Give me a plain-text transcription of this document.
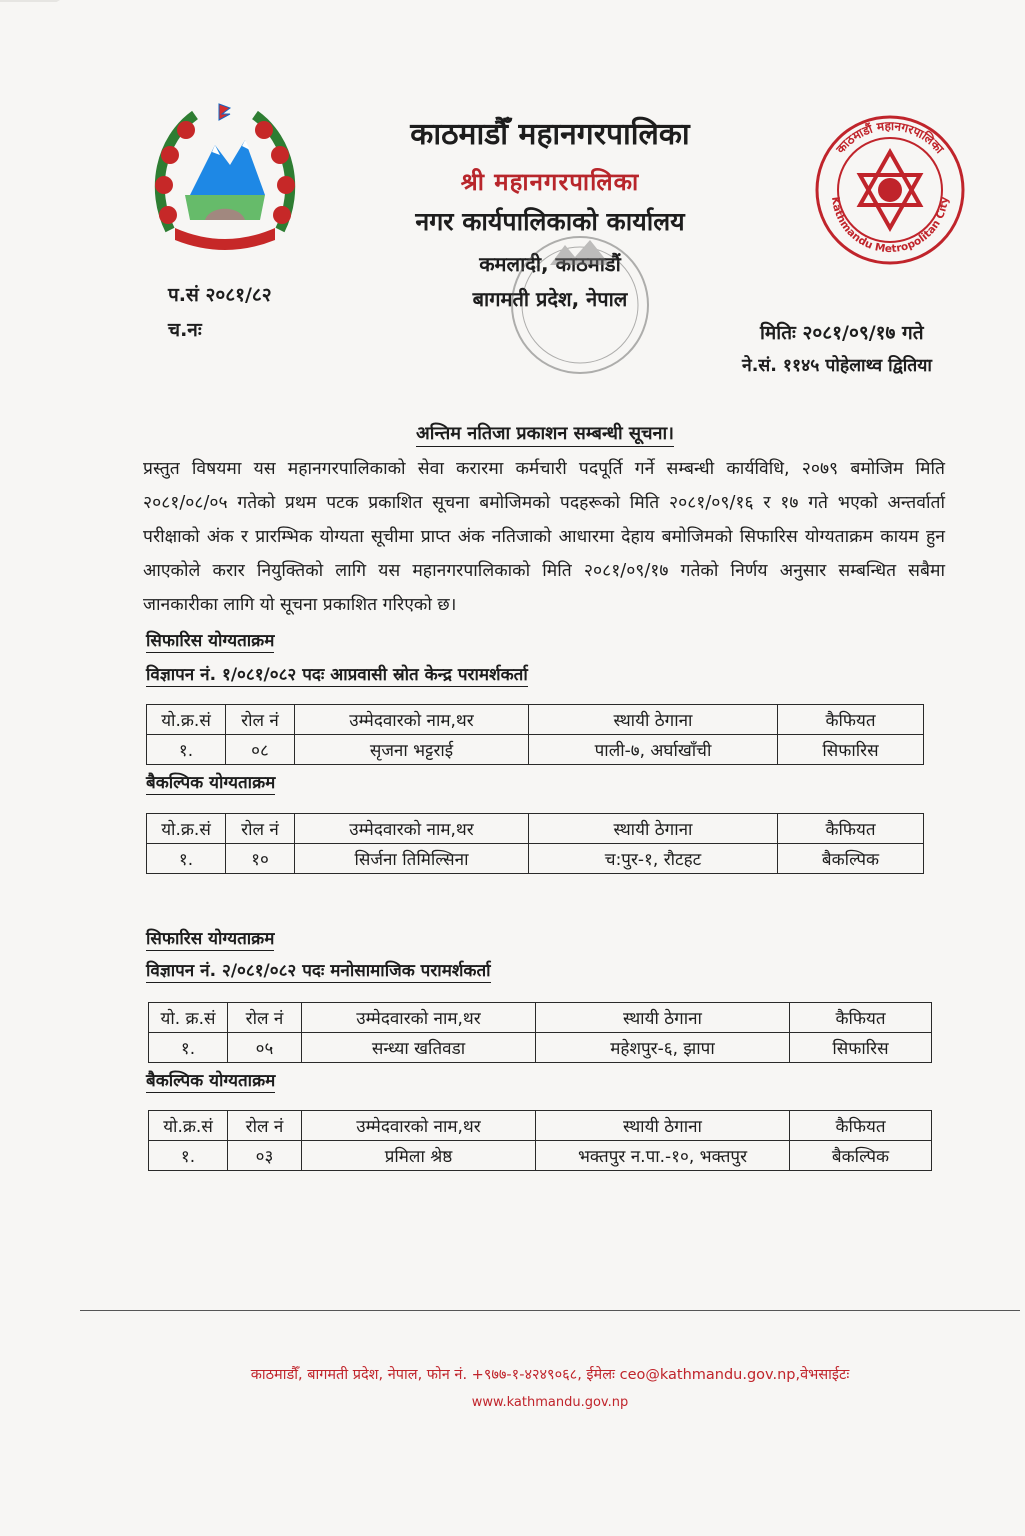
काठमाडौँ महानगरपालिका
श्री महानगरपालिका
नगर कार्यपालिकाको कार्यालय
कमलादी, काठमाडौं
बागमती प्रदेश, नेपाल
काठमाडौं महानगरपालिका
Kathmandu Metropolitan City
प.सं २०८१/८२
च.नः	मितिः २०८१/०९/१७ गते
ने.सं. ११४५ पोहेलाथ्व द्वितिया
अन्तिम नतिजा प्रकाशन सम्बन्धी सूचना।
प्रस्तुत विषयमा यस महानगरपालिकाको सेवा करारमा कर्मचारी पदपूर्ति गर्ने सम्बन्धी कार्यविधि, २०७९ बमोजिम मिति २०८१/०८/०५ गतेको प्रथम पटक प्रकाशित सूचना बमोजिमको पदहरूको मिति २०८१/०९/१६ र १७ गते भएको अन्तर्वार्ता परीक्षाको अंक र प्रारम्भिक योग्यता सूचीमा प्राप्त अंक नतिजाको आधारमा देहाय बमोजिमको सिफारिस योग्यताक्रम कायम हुन आएकोले करार नियुक्तिको लागि यस महानगरपालिकाको मिति २०८१/०९/१७ गतेको निर्णय अनुसार सम्बन्धित सबैमा जानकारीका लागि यो सूचना प्रकाशित गरिएको छ।
सिफारिस योग्यताक्रम
विज्ञापन नं. १/०८१/०८२ पदः आप्रवासी स्रोत केन्द्र परामर्शकर्ता
यो.क्र.सं	रोल नं	उम्मेदवारको नाम,थर	स्थायी ठेगाना	कैफियत
१.	०८	सृजना भट्टराई	पाली-७, अर्घाखाँची	सिफारिस
बैकल्पिक योग्यताक्रम
यो.क्र.सं	रोल नं	उम्मेदवारको नाम,थर	स्थायी ठेगाना	कैफियत
१.	१०	सिर्जना तिमिल्सिना	च:पुर-१, रौटहट	बैकल्पिक
सिफारिस योग्यताक्रम
विज्ञापन नं. २/०८१/०८२ पदः मनोसामाजिक परामर्शकर्ता
यो. क्र.सं	रोल नं	उम्मेदवारको नाम,थर	स्थायी ठेगाना	कैफियत
१.	०५	सन्ध्या खतिवडा	महेशपुर-६, झापा	सिफारिस
बैकल्पिक योग्यताक्रम
यो.क्र.सं	रोल नं	उम्मेदवारको नाम,थर	स्थायी ठेगाना	कैफियत
१.	०३	प्रमिला श्रेष्ठ	भक्तपुर न.पा.-१०, भक्तपुर	बैकल्पिक
काठमाडौँ, बागमती प्रदेश, नेपाल, फोन नं. +९७७-१-४२४९०६८, ईमेलः ceo@kathmandu.gov.np,वेभसाईटः
www.kathmandu.gov.np
